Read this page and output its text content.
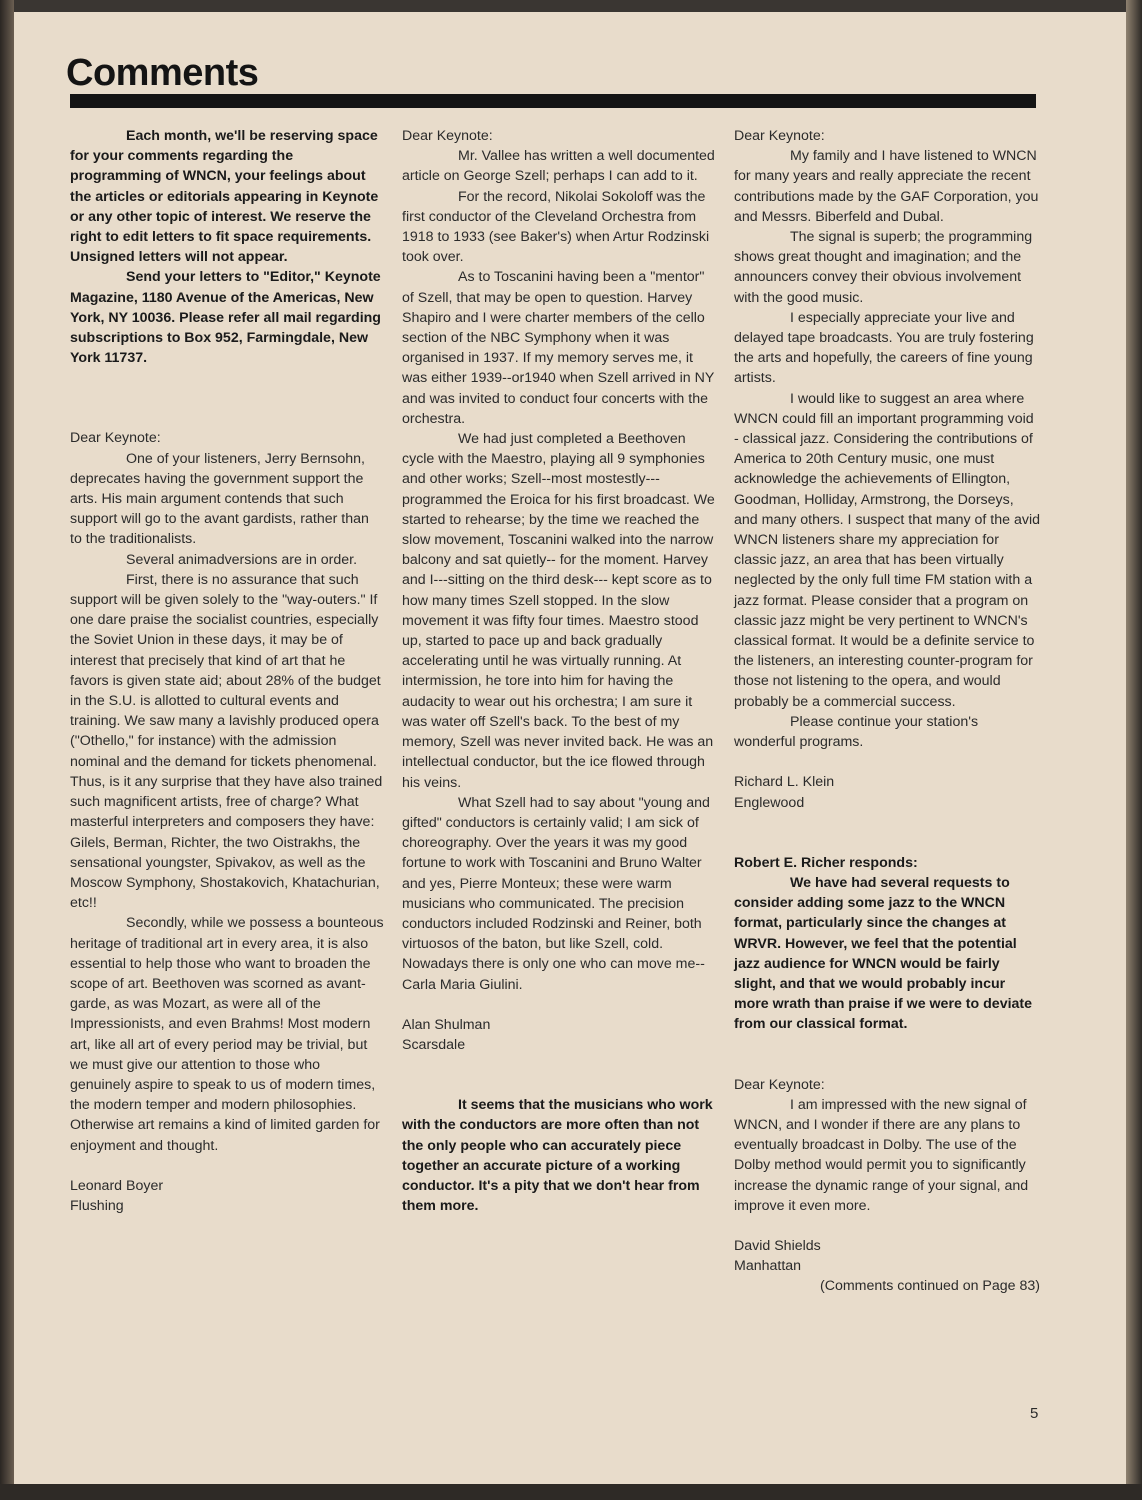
Comments

Each month, we'll be reserving space for your comments regarding the programming of WNCN, your feelings about the articles or editorials appearing in Keynote or any other topic of interest. We reserve the right to edit letters to fit space requirements. Unsigned letters will not appear.

Send your letters to "Editor," Keynote Magazine, 1180 Avenue of the Americas, New York, NY 10036. Please refer all mail regarding subscriptions to Box 952, Farmingdale, New York 11737.

Dear Keynote:

One of your listeners, Jerry Bernsohn, deprecates having the government support the arts. His main argument contends that such support will go to the avant gardists, rather than to the traditionalists.

Several animadversions are in order.

First, there is no assurance that such support will be given solely to the "way-outers." If one dare praise the socialist countries, especially the Soviet Union in these days, it may be of interest that precisely that kind of art that he favors is given state aid; about 28% of the budget in the S.U. is allotted to cultural events and training. We saw many a lavishly produced opera ("Othello," for instance) with the admission nominal and the demand for tickets phenomenal. Thus, is it any surprise that they have also trained such magnificent artists, free of charge? What masterful interpreters and composers they have: Gilels, Berman, Richter, the two Oistrakhs, the sensational youngster, Spivakov, as well as the Moscow Symphony, Shostakovich, Khatachurian, etc!!

Secondly, while we possess a bounteous heritage of traditional art in every area, it is also essential to help those who want to broaden the scope of art. Beethoven was scorned as avant-garde, as was Mozart, as were all of the Impressionists, and even Brahms! Most modern art, like all art of every period may be trivial, but we must give our attention to those who genuinely aspire to speak to us of modern times, the modern temper and modern philosophies. Otherwise art remains a kind of limited garden for enjoyment and thought.

Leonard Boyer

Flushing

Dear Keynote:

Mr. Vallee has written a well documented article on George Szell; perhaps I can add to it.

For the record, Nikolai Sokoloff was the first conductor of the Cleveland Orchestra from 1918 to 1933 (see Baker's) when Artur Rodzinski took over.

As to Toscanini having been a "mentor" of Szell, that may be open to question. Harvey Shapiro and I were charter members of the cello section of the NBC Symphony when it was organised in 1937. If my memory serves me, it was either 1939--or1940 when Szell arrived in NY and was invited to conduct four concerts with the orchestra.

We had just completed a Beethoven cycle with the Maestro, playing all 9 symphonies and other works; Szell--most mostestly--- programmed the Eroica for his first broadcast. We started to rehearse; by the time we reached the slow movement, Toscanini walked into the narrow balcony and sat quietly-- for the moment. Harvey and I---sitting on the third desk--- kept score as to how many times Szell stopped. In the slow movement it was fifty four times. Maestro stood up, started to pace up and back gradually accelerating until he was virtually running. At intermission, he tore into him for having the audacity to wear out his orchestra; I am sure it was water off Szell's back. To the best of my memory, Szell was never invited back. He was an intellectual conductor, but the ice flowed through his veins.

What Szell had to say about "young and gifted" conductors is certainly valid; I am sick of choreography. Over the years it was my good fortune to work with Toscanini and Bruno Walter and yes, Pierre Monteux; these were warm musicians who communicated. The precision conductors included Rodzinski and Reiner, both virtuosos of the baton, but like Szell, cold. Nowadays there is only one who can move me-- Carla Maria Giulini.

Alan Shulman

Scarsdale

It seems that the musicians who work with the conductors are more often than not the only people who can accurately piece together an accurate picture of a working conductor. It's a pity that we don't hear from them more.

Dear Keynote:

My family and I have listened to WNCN for many years and really appreciate the recent contributions made by the GAF Corporation, you and Messrs. Biberfeld and Dubal.

The signal is superb; the programming shows great thought and imagination; and the announcers convey their obvious involvement with the good music.

I especially appreciate your live and delayed tape broadcasts. You are truly fostering the arts and hopefully, the careers of fine young artists.

I would like to suggest an area where WNCN could fill an important programming void - classical jazz. Considering the contributions of America to 20th Century music, one must acknowledge the achievements of Ellington, Goodman, Holliday, Armstrong, the Dorseys, and many others. I suspect that many of the avid WNCN listeners share my appreciation for classic jazz, an area that has been virtually neglected by the only full time FM station with a jazz format. Please consider that a program on classic jazz might be very pertinent to WNCN's classical format. It would be a definite service to the listeners, an interesting counter-program for those not listening to the opera, and would probably be a commercial success.

Please continue your station's wonderful programs.

Richard L. Klein

Englewood

Robert E. Richer responds:

We have had several requests to consider adding some jazz to the WNCN format, particularly since the changes at WRVR. However, we feel that the potential jazz audience for WNCN would be fairly slight, and that we would probably incur more wrath than praise if we were to deviate from our classical format.

Dear Keynote:

I am impressed with the new signal of WNCN, and I wonder if there are any plans to eventually broadcast in Dolby. The use of the Dolby method would permit you to significantly increase the dynamic range of your signal, and improve it even more.

David Shields

Manhattan

(Comments continued on Page 83)

5
